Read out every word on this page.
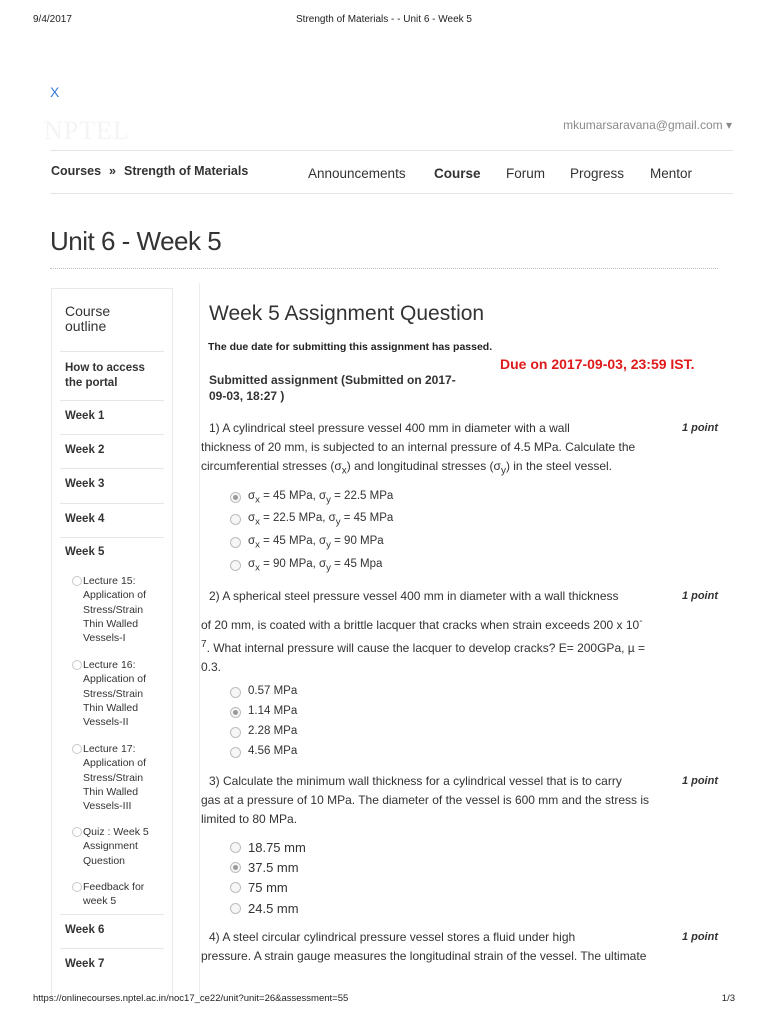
9/4/2017	Strength of Materials - - Unit 6 - Week 5
X
NPTEL	mkumarsaravana@gmail.com ▾
Courses » Strength of Materials	Announcements Course Forum Progress Mentor
Unit 6 - Week 5
Course
outline
How to access
the portal
Week 1
Week 2
Week 3
Week 4
Week 5
Lecture 15:
Application of
Stress/Strain
Thin Walled
Vessels-I
Lecture 16:
Application of
Stress/Strain
Thin Walled
Vessels-II
Lecture 17:
Application of
Stress/Strain
Thin Walled
Vessels-III
Quiz : Week 5
Assignment
Question
Feedback for
week 5
Week 6
Week 7
Week 5 Assignment Question
The due date for submitting this assignment has passed.
Due on 2017-09-03, 23:59 IST.
Submitted assignment (Submitted on 2017-
09-03, 18:27 )
1 point
1) A cylindrical steel pressure vessel 400 mm in diameter with a wall
thickness of 20 mm, is subjected to an internal pressure of 4.5 MPa. Calculate the
circumferential stresses $(\sigma_x)$ and longitudinal stresses $(\sigma_y)$ in the steel vessel.
$\sigma_x = 45$ MPa, $\sigma_y = 22.5$ MPa
$\sigma_x = 22.5$ MPa, $\sigma_y = 45$ MPa
$\sigma_x = 45$ MPa, $\sigma_y = 90$ MPa
$\sigma_x = 90$ MPa, $\sigma_y = 45$ Mpa
1 point
2) A spherical steel pressure vessel 400 mm in diameter with a wall thickness
of 20 mm, is coated with a brittle lacquer that cracks when strain exceeds 200 x 10-
$^7$. What internal pressure will cause the lacquer to develop cracks? E= 200GPa, µ =
0.3.
0.57 MPa
1.14 MPa
2.28 MPa
4.56 MPa
1 point
3) Calculate the minimum wall thickness for a cylindrical vessel that is to carry
gas at a pressure of 10 MPa. The diameter of the vessel is 600 mm and the stress is
limited to 80 MPa.
18.75 mm
37.5 mm
75 mm
24.5 mm
1 point
4) A steel circular cylindrical pressure vessel stores a fluid under high
pressure. A strain gauge measures the longitudinal strain of the vessel. The ultimate
https://onlinecourses.nptel.ac.in/noc17_ce22/unit?unit=26&assessment=55	1/3
